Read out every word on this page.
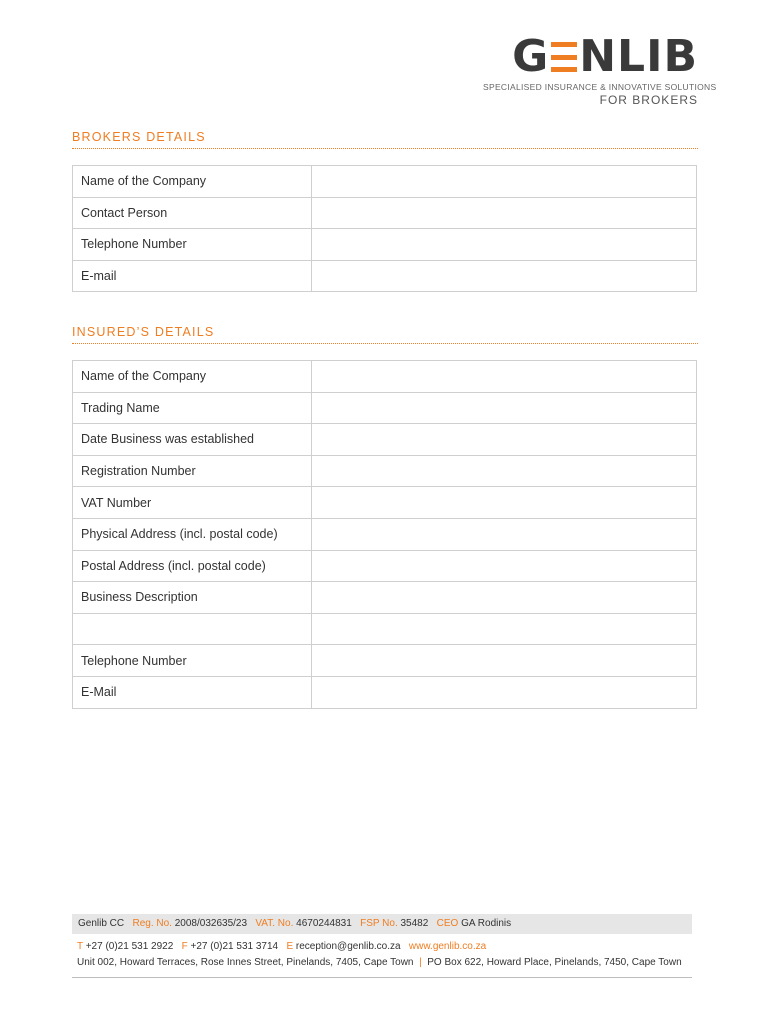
G NLIB
SPECIALISED INSURANCE & INNOVATIVE SOLUTIONS
FOR BROKERS
BROKERS DETAILS
Name of the Company	
Contact Person	
Telephone Number	
E-mail	
INSURED’S DETAILS
Name of the Company	
Trading Name	
Date Business was established	
Registration Number	
VAT Number	
Physical Address (incl. postal code)	
Postal Address (incl. postal code)	
Business Description	

Telephone Number	
E-Mail	
Genlib CC Reg. No. 2008/032635/23 VAT. No. 4670244831 FSP No. 35482 CEO GA Rodinis
T +27 (0)21 531 2922 F +27 (0)21 531 3714 E reception@genlib.co.za www.genlib.co.za
Unit 002, Howard Terraces, Rose Innes Street, Pinelands, 7405, Cape Town | PO Box 622, Howard Place, Pinelands, 7450, Cape Town
